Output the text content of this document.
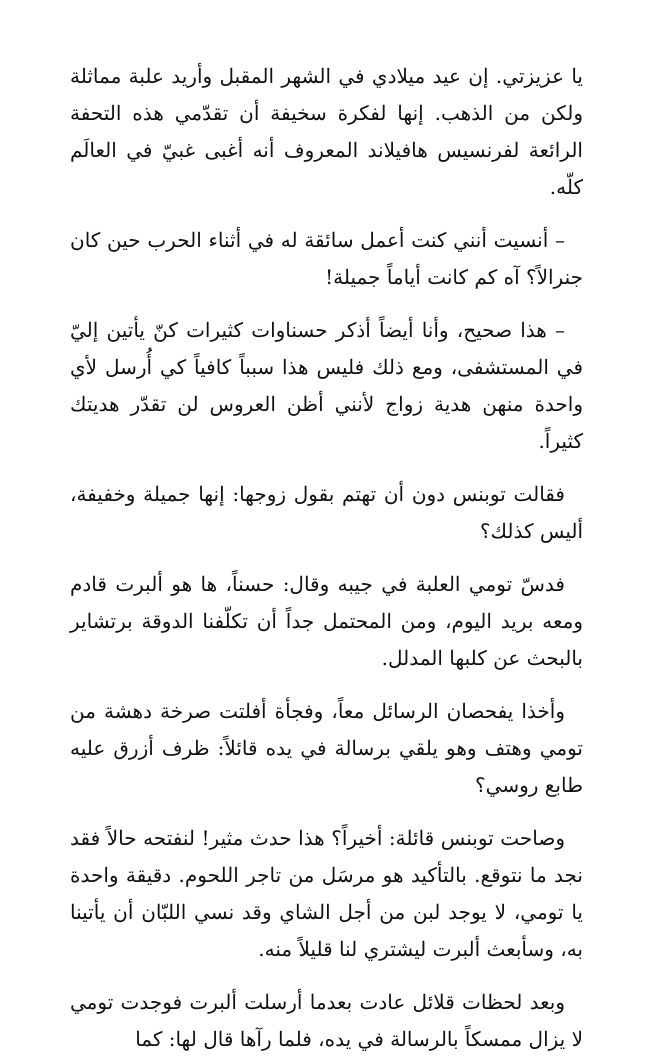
يا عزيزتي. إن عيد ميلادي في الشهر المقبل وأريد علبة مماثلة ولكن من الذهب. إنها لفكرة سخيفة أن تقدّمي هذه التحفة الرائعة لفرنسيس هافيلاند المعروف أنه أغبى غبيّ في العالَم كلّه.

– أنسيت أنني كنت أعمل سائقة له في أثناء الحرب حين كان جنرالاً؟ آه كم كانت أياماً جميلة!

– هذا صحيح، وأنا أيضاً أذكر حسناوات كثيرات كنّ يأتين إليّ في المستشفى، ومع ذلك فليس هذا سبباً كافياً كي أُرسل لأي واحدة منهن هدية زواج لأنني أظن العروس لن تقدّر هديتك كثيراً.

فقالت توبنس دون أن تهتم بقول زوجها: إنها جميلة وخفيفة، أليس كذلك؟

فدسّ تومي العلبة في جيبه وقال: حسناً، ها هو ألبرت قادم ومعه بريد اليوم، ومن المحتمل جداً أن تكلّفنا الدوقة برتشاير بالبحث عن كلبها المدلل.

وأخذا يفحصان الرسائل معاً، وفجأة أفلتت صرخة دهشة من تومي وهتف وهو يلقي برسالة في يده قائلاً: ظرف أزرق عليه طابع روسي؟

وصاحت توبنس قائلة: أخيراً؟ هذا حدث مثير! لنفتحه حالاً فقد نجد ما نتوقع. بالتأكيد هو مرسَل من تاجر اللحوم. دقيقة واحدة يا تومي، لا يوجد لبن من أجل الشاي وقد نسي اللبّان أن يأتينا به، وسأبعث ألبرت ليشتري لنا قليلاً منه.

وبعد لحظات قلائل عادت بعدما أرسلت ألبرت فوجدت تومي لا يزال ممسكاً بالرسالة في يده، فلما رآها قال لها: كما
